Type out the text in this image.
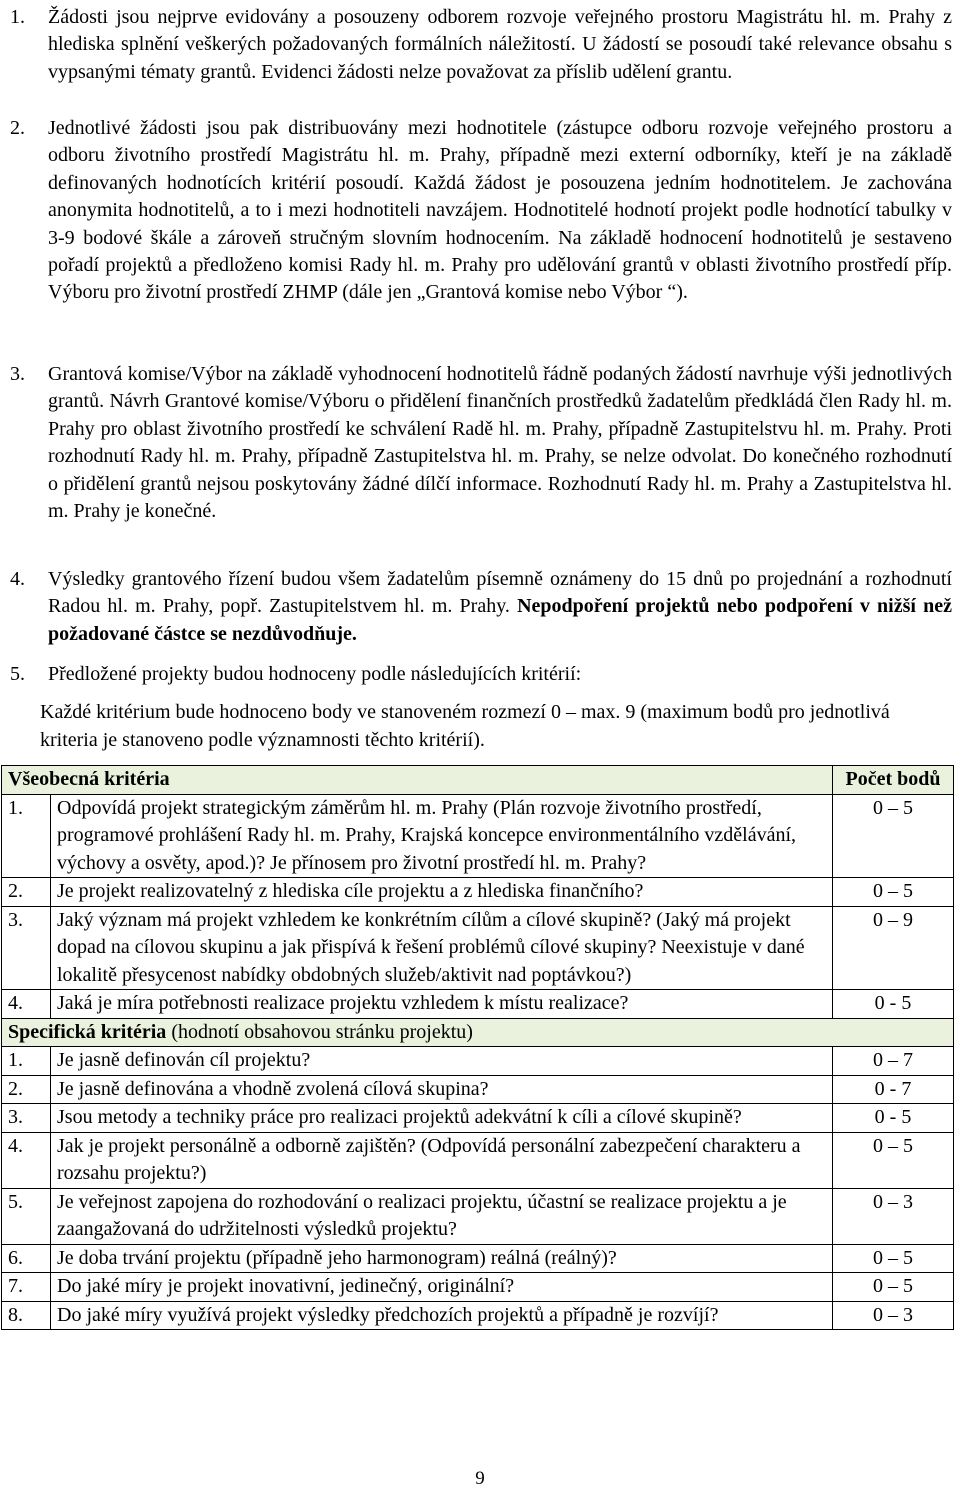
1. Žádosti jsou nejprve evidovány a posouzeny odborem rozvoje veřejného prostoru Magistrátu hl. m. Prahy z hlediska splnění veškerých požadovaných formálních náležitostí. U žádostí se posoudí také relevance obsahu s vypsanými tématy grantů. Evidenci žádosti nelze považovat za příslib udělení grantu.
2. Jednotlivé žádosti jsou pak distribuovány mezi hodnotitele (zástupce odboru rozvoje veřejného prostoru a odboru životního prostředí Magistrátu hl. m. Prahy, případně mezi externí odborníky, kteří je na základě definovaných hodnotících kritérií posoudí. Každá žádost je posouzena jedním hodnotitelem. Je zachována anonymita hodnotitelů, a to i mezi hodnotiteli navzájem. Hodnotitelé hodnotí projekt podle hodnotící tabulky v 3-9 bodové škále a zároveň stručným slovním hodnocením. Na základě hodnocení hodnotitelů je sestaveno pořadí projektů a předloženo komisi Rady hl. m. Prahy pro udělování grantů v oblasti životního prostředí příp. Výboru pro životní prostředí ZHMP (dále jen „Grantová komise nebo Výbor “).
3. Grantová komise/Výbor na základě vyhodnocení hodnotitelů řádně podaných žádostí navrhuje výši jednotlivých grantů. Návrh Grantové komise/Výboru o přidělení finančních prostředků žadatelům předkládá člen Rady hl. m. Prahy pro oblast životního prostředí ke schválení Radě hl. m. Prahy, případně Zastupitelstvu hl. m. Prahy. Proti rozhodnutí Rady hl. m. Prahy, případně Zastupitelstva hl. m. Prahy, se nelze odvolat. Do konečného rozhodnutí o přidělení grantů nejsou poskytovány žádné dílčí informace. Rozhodnutí Rady hl. m. Prahy a Zastupitelstva hl. m. Prahy je konečné.
4. Výsledky grantového řízení budou všem žadatelům písemně oznámeny do 15 dnů po projednání a rozhodnutí Radou hl. m. Prahy, popř. Zastupitelstvem hl. m. Prahy. Nepodpoření projektů nebo podpoření v nižší než požadované částce se nezdůvodňuje.
5. Předložené projekty budou hodnoceny podle následujících kritérií:
Každé kritérium bude hodnoceno body ve stanoveném rozmezí 0 – max. 9 (maximum bodů pro jednotlivá kriteria je stanoveno podle významnosti těchto kritérií).
Všeobecná kritéria		Počet bodů
1.	Odpovídá projekt strategickým záměrům hl. m. Prahy (Plán rozvoje životního prostředí, programové prohlášení Rady hl. m. Prahy, Krajská koncepce environmentálního vzdělávání, výchovy a osvěty, apod.)? Je přínosem pro životní prostředí hl. m. Prahy?	0 – 5
2.	Je projekt realizovatelný z hlediska cíle projektu a z hlediska finančního?	0 – 5
3.	Jaký význam má projekt vzhledem ke konkrétním cílům a cílové skupině? (Jaký má projekt dopad na cílovou skupinu a jak přispívá k řešení problémů cílové skupiny? Neexistuje v dané lokalitě přesycenost nabídky obdobných služeb/aktivit nad poptávkou?)	0 – 9
4.	Jaká je míra potřebnosti realizace projektu vzhledem k místu realizace?	0 - 5
Specifická kritéria (hodnotí obsahovou stránku projektu)		
1.	Je jasně definován cíl projektu?	0 – 7
2.	Je jasně definována a vhodně zvolená cílová skupina?	0 - 7
3.	Jsou metody a techniky práce pro realizaci projektů adekvátní k cíli a cílové skupině?	0 - 5
4.	Jak je projekt personálně a odborně zajištěn? (Odpovídá personální zabezpečení charakteru a rozsahu projektu?)	0 – 5
5.	Je veřejnost zapojena do rozhodování o realizaci projektu, účastní se realizace projektu a je zaangažovaná do udržitelnosti výsledků projektu?	0 – 3
6.	Je doba trvání projektu (případně jeho harmonogram) reálná (reálný)?	0 – 5
7.	Do jaké míry je projekt inovativní, jedinečný, originální?	0 – 5
8.	Do jaké míry využívá projekt výsledky předchozích projektů a případně je rozvíjí?	0 – 3
9
